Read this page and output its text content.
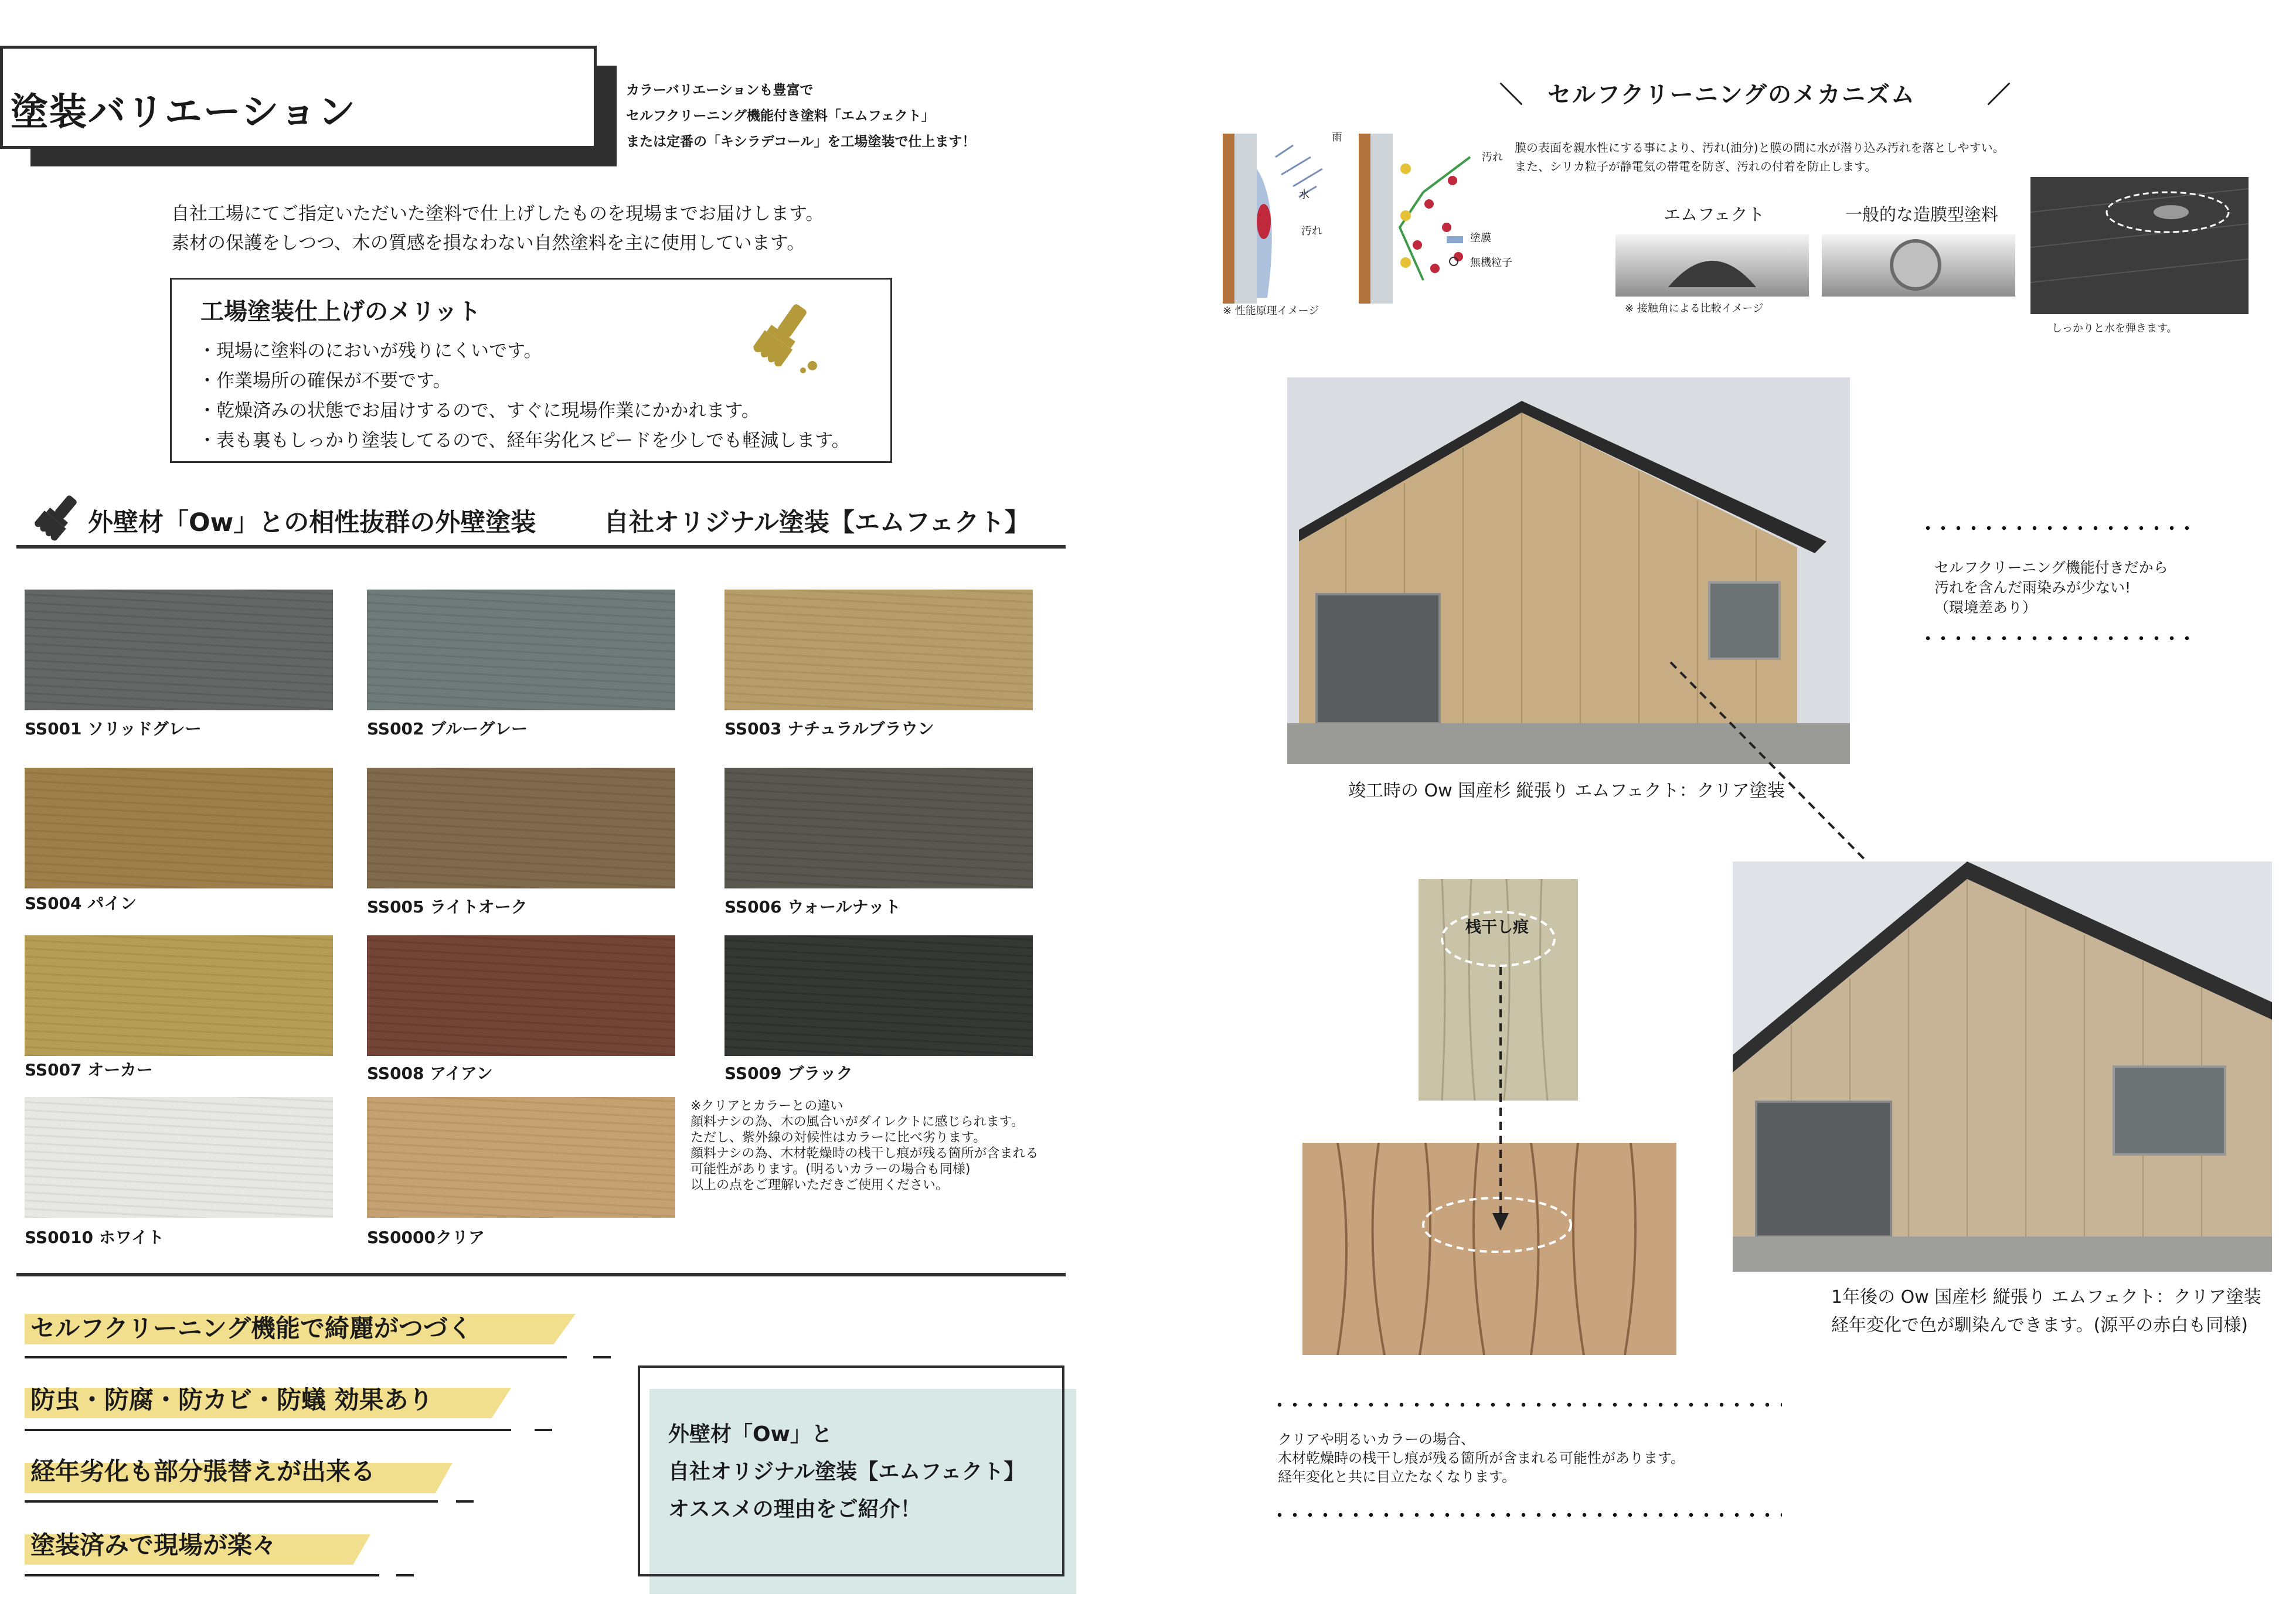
塗装バリエーション
カラーバリエーションも豊富で
セルフクリーニング機能付き塗料「エムフェクト」
または定番の「キシラデコール」を工場塗装で仕上ます！
自社工場にてご指定いただいた塗料で仕上げしたものを現場までお届けします。
素材の保護をしつつ、木の質感を損なわない自然塗料を主に使用しています。
工場塗装仕上げのメリット
・現場に塗料のにおいが残りにくいです。
・作業場所の確保が不要です。
・乾燥済みの状態でお届けするので、すぐに現場作業にかかれます。
・表も裏もしっかり塗装してるので、経年劣化スピードを少しでも軽減します。
外壁材「Ow」との相性抜群の外壁塗装	自社オリジナル塗装【エムフェクト】
SS001 ソリッドグレー	SS002 ブルーグレー	SS003 ナチュラルブラウン
SS004 パイン	SS005 ライトオーク	SS006 ウォールナット
SS007 オーカー	SS008 アイアン	SS009 ブラック
SS0010 ホワイト	SS0000クリア
※クリアとカラーとの違い
顔料ナシの為、木の風合いがダイレクトに感じられます。
ただし、紫外線の対候性はカラーに比べ劣ります。
顔料ナシの為、木材乾燥時の桟干し痕が残る箇所が含まれる
可能性があります。(明るいカラーの場合も同様)
以上の点をご理解いただきご使用ください。
セルフクリーニング機能で綺麗がつづく
防虫・防腐・防カビ・防蟻 効果あり
経年劣化も部分張替えが出来る
塗装済みで現場が楽々
外壁材「Ow」と
自社オリジナル塗装【エムフェクト】
オススメの理由をご紹介！
＼ セルフクリーニングのメカニズム	／
雨
水
汚れ
※ 性能原理イメージ
汚れ
塗膜
無機粒子
膜の表面を親水性にする事により、汚れ(油分)と膜の間に水が潜り込み汚れを落としやすい。
また、シリカ粒子が静電気の帯電を防ぎ、汚れの付着を防止します。
エムフェクト	一般的な造膜型塗料
※ 接触角による比較イメージ
しっかりと水を弾きます。
竣工時の Ow 国産杉 縦張り エムフェクト：クリア塗装
セルフクリーニング機能付きだから
汚れを含んだ雨染みが少ない!
（環境差あり）
桟干し痕
1年後の Ow 国産杉 縦張り エムフェクト：クリア塗装
経年変化で色が馴染んできます。(源平の赤白も同様)
クリアや明るいカラーの場合、
木材乾燥時の桟干し痕が残る箇所が含まれる可能性があります。
経年変化と共に目立たなくなります。
